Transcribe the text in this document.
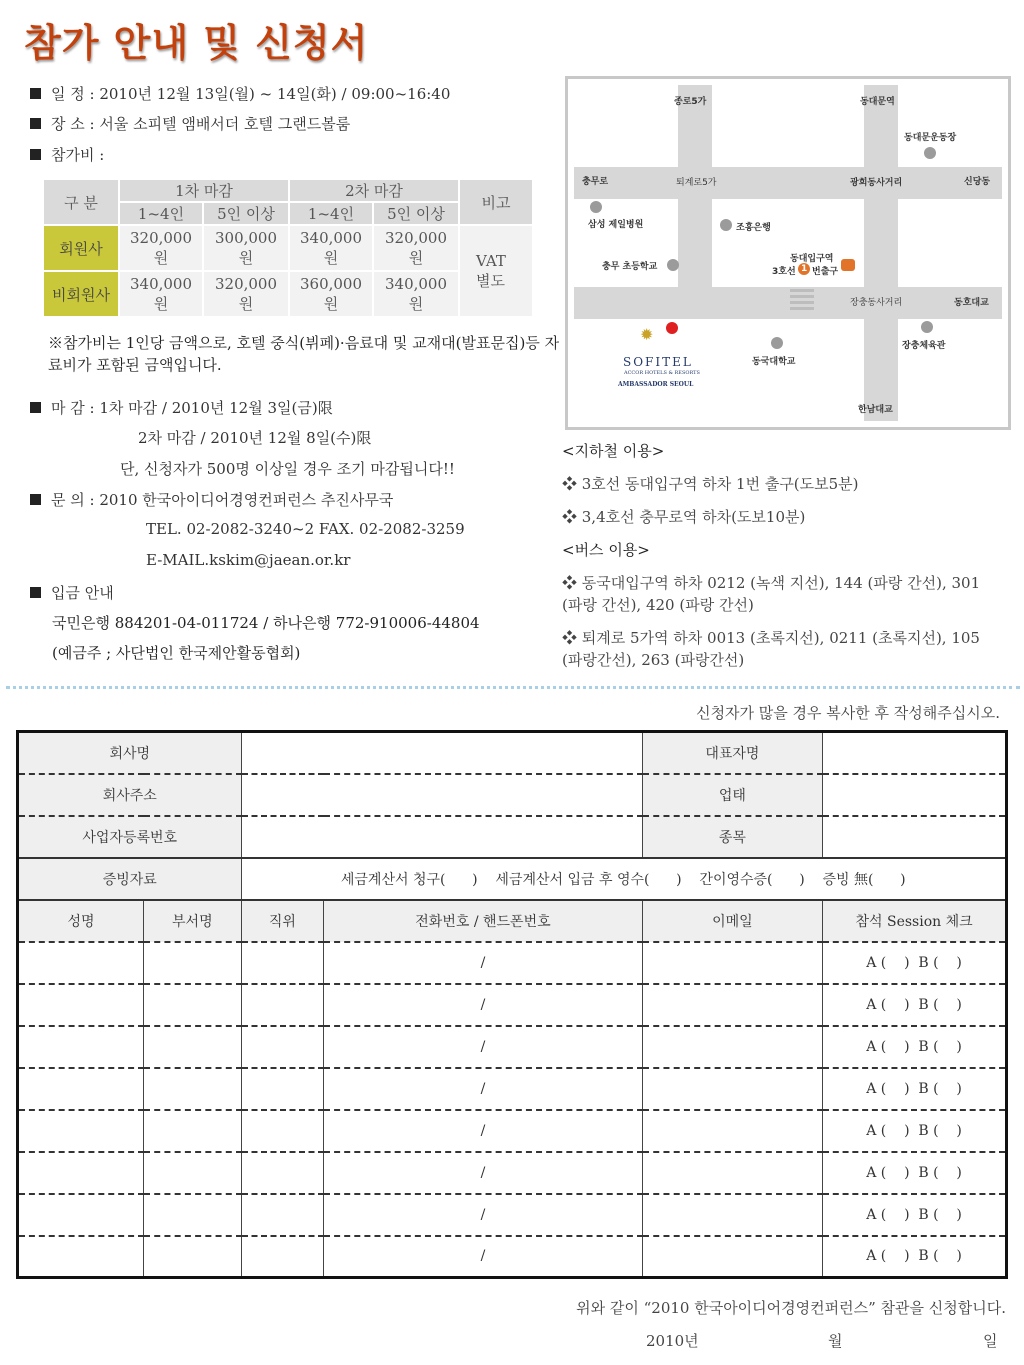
참가 안내 및 신청서
일 정 : 2010년 12월 13일(월) ~ 14일(화) / 09:00~16:40
장 소 : 서울 소피텔 앰배서더 호텔 그랜드볼룸
참가비 :
구 분	1차 마감		2차 마감		비고
	1~4인	5인 이상	1~4인	5인 이상	
회원사	320,000원	300,000원	340,000원	320,000원	VAT
별도

비회원사	340,000원	320,000원	360,000원	340,000원	
※참가비는 1인당 금액으로, 호텔 중식(뷔페)·음료대 및 교재대(발표문집)등 자료비가 포함된 금액입니다.
마 감 : 1차 마감 / 2010년 12월 3일(금)限
2차 마감 / 2010년 12월 8일(수)限
단, 신청자가 500명 이상일 경우 조기 마감됩니다!!
문 의 : 2010 한국아이디어경영컨퍼런스 추진사무국
TEL. 02-2082-3240~2 FAX. 02-2082-3259
E-MAIL.kskim@jaean.or.kr
입금 안내
국민은행 884201-04-011724 / 하나은행 772-910006-44804
(예금주 ; 사단법인 한국제안활동협회)
종로5가	동대문역
동대문운동장
충무로	퇴계로5가	광희동사거리	신당동
삼성 제일병원	조흥은행
동대입구역
3호선 1 번출구
충무 초등학교
장충동사거리	동호대교
동국대학교
장충체육관
한남대교
✹
SOFITEL
ACCOR HOTELS & RESORTS
AMBASSADOR SEOUL
<지하철 이용>
❖ 3호선 동대입구역 하차 1번 출구(도보5분)
❖ 3,4호선 충무로역 하차(도보10분)
<버스 이용>
❖ 동국대입구역 하차 0212 (녹색 지선), 144 (파랑 간선), 301 (파랑 간선), 420 (파랑 간선)
❖ 퇴계로 5가역 하차 0013 (초록지선), 0211 (초록지선), 105 (파랑간선), 263 (파랑간선)
신청자가 많을 경우 복사한 후 작성해주십시오.
회사명				대표자명	
회사주소				업태	
사업자등록번호				종목	
증빙자료		세금계산서 청구(      )    세금계산서 입금 후 영수(      )    간이영수증(      )    증빙 無(      )			
성명	부서명	직위	전화번호 / 핸드폰번호	이메일	참석 Session 체크
			/		A (    )  B (    )
			/		A (    )  B (    )
			/		A (    )  B (    )
			/		A (    )  B (    )
			/		A (    )  B (    )
			/		A (    )  B (    )
			/		A (    )  B (    )
			/		A (    )  B (    )
위와 같이 “2010 한국아이디어경영컨퍼런스” 참관을 신청합니다.
2010년	월	일
